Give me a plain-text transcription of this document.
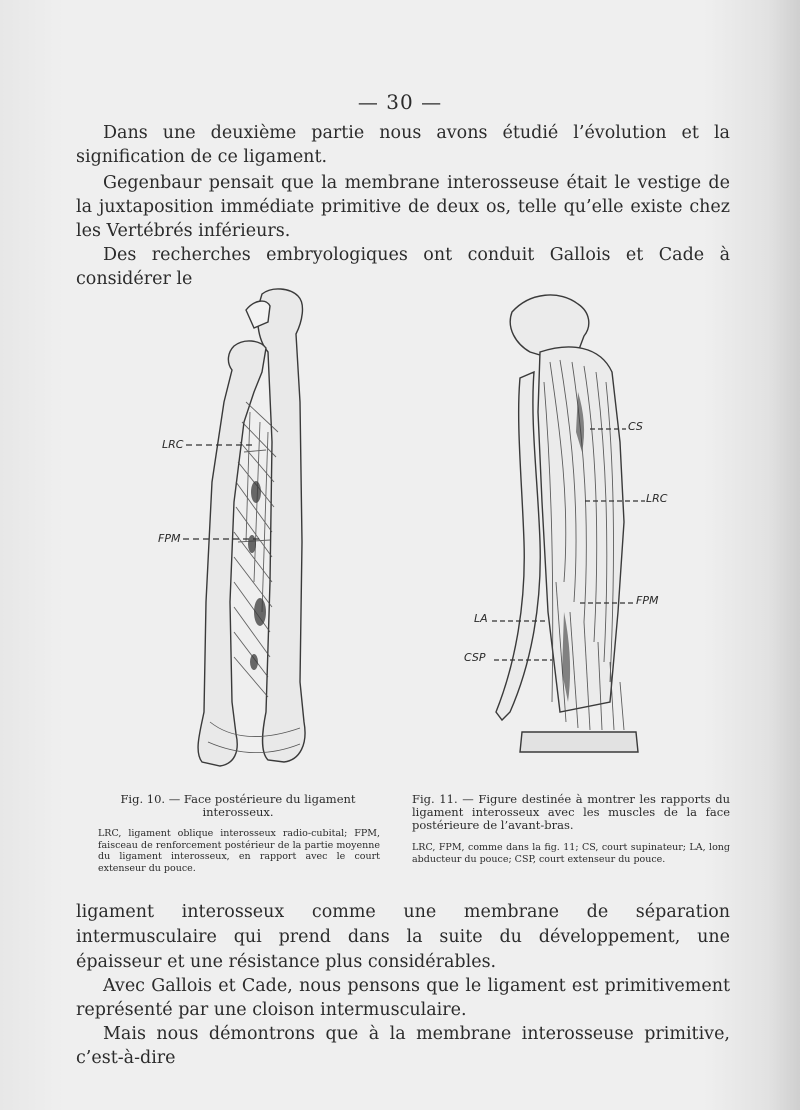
— 30 —

Dans une deuxième partie nous avons étudié l’évolution et la signification de ce ligament.

Gegenbaur pensait que la membrane interosseuse était le vestige de la juxtaposition immédiate primitive de deux os, telle qu’elle existe chez les Vertébrés inférieurs.

Des recherches embryologiques ont conduit Gallois et Cade à considérer le

LRC
FPM
CS
LRC
FPM
LA
CSP

Fig. 10. — Face postérieure du ligament interosseux.

LRC, ligament oblique interosseux radio-cubital; FPM, faisceau de renforcement postérieur de la partie moyenne du ligament interosseux, en rapport avec le court extenseur du pouce.

Fig. 11. — Figure destinée à montrer les rapports du ligament interosseux avec les muscles de la face postérieure de l’avant-bras.

LRC, FPM, comme dans la fig. 11; CS, court supinateur; LA, long abducteur du pouce; CSP, court extenseur du pouce.

ligament interosseux comme une membrane de séparation intermusculaire qui prend dans la suite du développement, une épaisseur et une résistance plus considérables.

Avec Gallois et Cade, nous pensons que le ligament est primitivement représenté par une cloison intermusculaire.

Mais nous démontrons que à la membrane interosseuse primitive, c’est-à-dire
